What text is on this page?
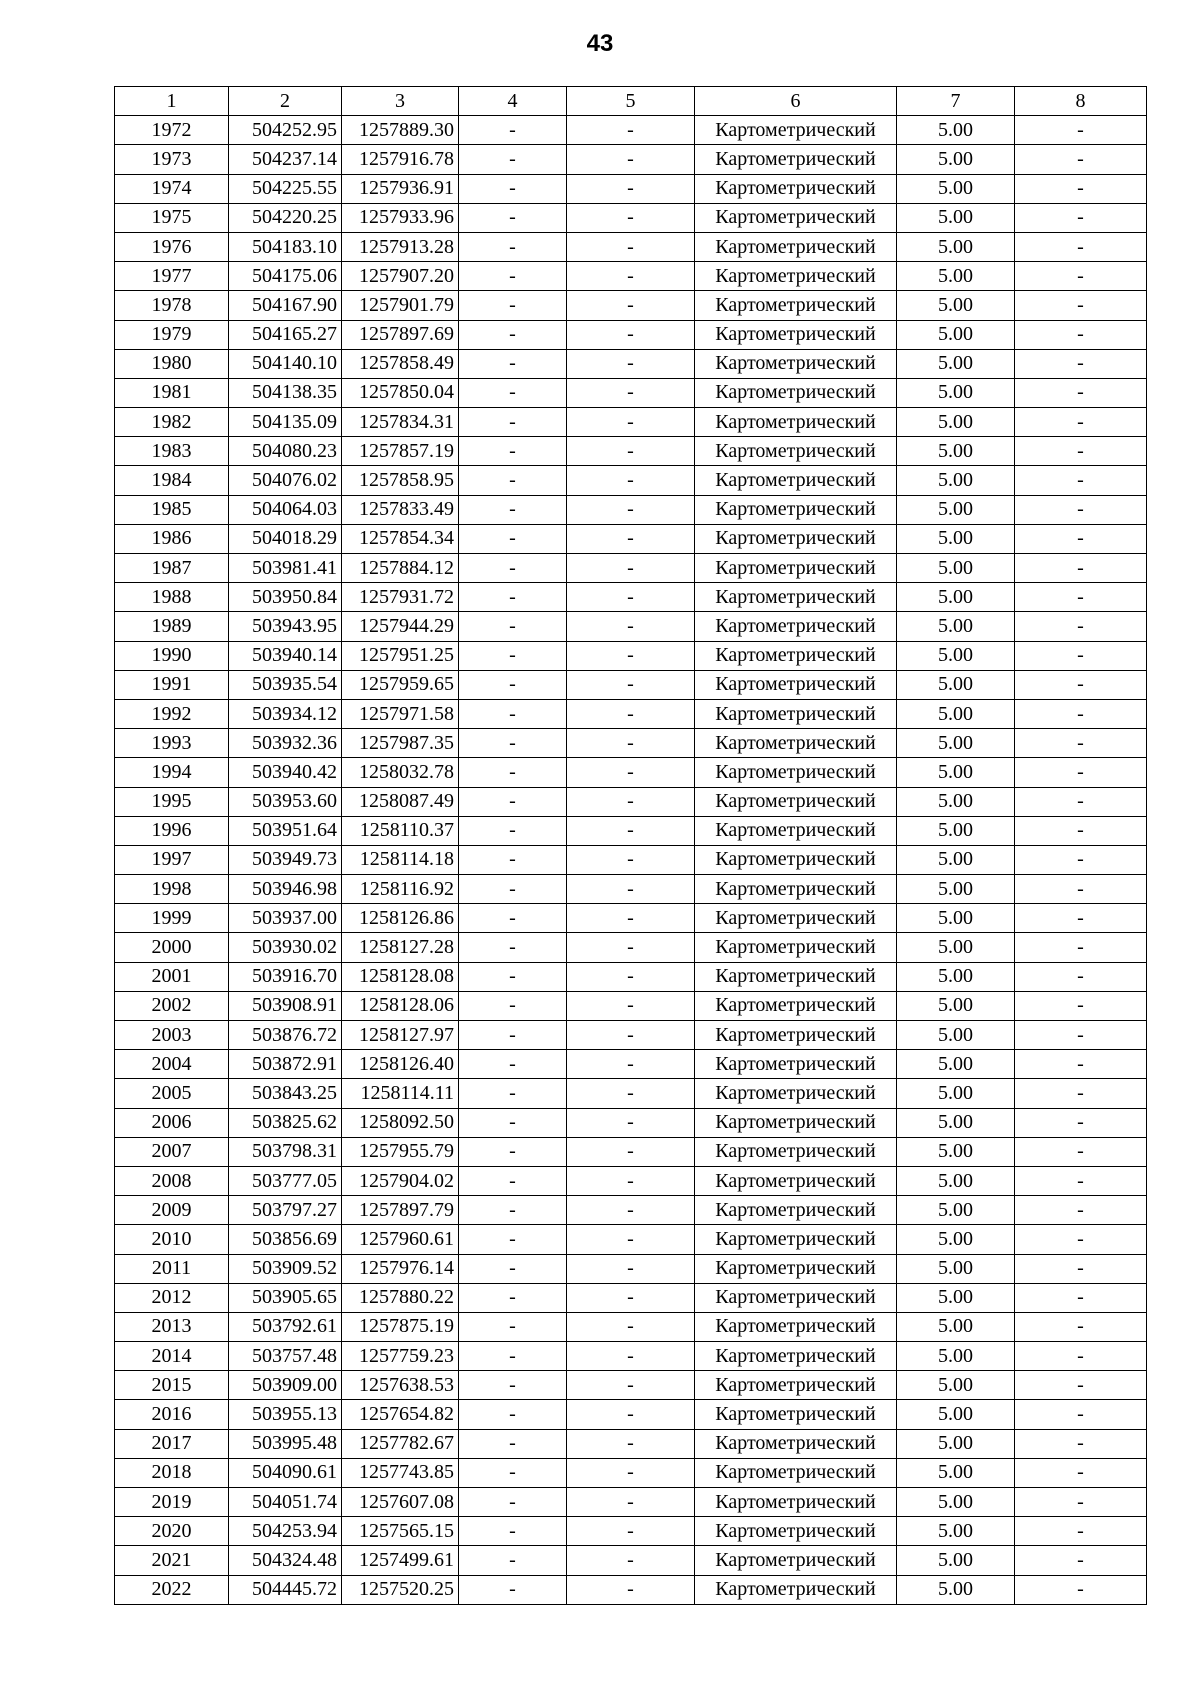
43
1	2	3	4	5	6	7	8
1972	504252.95	1257889.30	-	-	Картометрический	5.00	-
1973	504237.14	1257916.78	-	-	Картометрический	5.00	-
1974	504225.55	1257936.91	-	-	Картометрический	5.00	-
1975	504220.25	1257933.96	-	-	Картометрический	5.00	-
1976	504183.10	1257913.28	-	-	Картометрический	5.00	-
1977	504175.06	1257907.20	-	-	Картометрический	5.00	-
1978	504167.90	1257901.79	-	-	Картометрический	5.00	-
1979	504165.27	1257897.69	-	-	Картометрический	5.00	-
1980	504140.10	1257858.49	-	-	Картометрический	5.00	-
1981	504138.35	1257850.04	-	-	Картометрический	5.00	-
1982	504135.09	1257834.31	-	-	Картометрический	5.00	-
1983	504080.23	1257857.19	-	-	Картометрический	5.00	-
1984	504076.02	1257858.95	-	-	Картометрический	5.00	-
1985	504064.03	1257833.49	-	-	Картометрический	5.00	-
1986	504018.29	1257854.34	-	-	Картометрический	5.00	-
1987	503981.41	1257884.12	-	-	Картометрический	5.00	-
1988	503950.84	1257931.72	-	-	Картометрический	5.00	-
1989	503943.95	1257944.29	-	-	Картометрический	5.00	-
1990	503940.14	1257951.25	-	-	Картометрический	5.00	-
1991	503935.54	1257959.65	-	-	Картометрический	5.00	-
1992	503934.12	1257971.58	-	-	Картометрический	5.00	-
1993	503932.36	1257987.35	-	-	Картометрический	5.00	-
1994	503940.42	1258032.78	-	-	Картометрический	5.00	-
1995	503953.60	1258087.49	-	-	Картометрический	5.00	-
1996	503951.64	1258110.37	-	-	Картометрический	5.00	-
1997	503949.73	1258114.18	-	-	Картометрический	5.00	-
1998	503946.98	1258116.92	-	-	Картометрический	5.00	-
1999	503937.00	1258126.86	-	-	Картометрический	5.00	-
2000	503930.02	1258127.28	-	-	Картометрический	5.00	-
2001	503916.70	1258128.08	-	-	Картометрический	5.00	-
2002	503908.91	1258128.06	-	-	Картометрический	5.00	-
2003	503876.72	1258127.97	-	-	Картометрический	5.00	-
2004	503872.91	1258126.40	-	-	Картометрический	5.00	-
2005	503843.25	1258114.11	-	-	Картометрический	5.00	-
2006	503825.62	1258092.50	-	-	Картометрический	5.00	-
2007	503798.31	1257955.79	-	-	Картометрический	5.00	-
2008	503777.05	1257904.02	-	-	Картометрический	5.00	-
2009	503797.27	1257897.79	-	-	Картометрический	5.00	-
2010	503856.69	1257960.61	-	-	Картометрический	5.00	-
2011	503909.52	1257976.14	-	-	Картометрический	5.00	-
2012	503905.65	1257880.22	-	-	Картометрический	5.00	-
2013	503792.61	1257875.19	-	-	Картометрический	5.00	-
2014	503757.48	1257759.23	-	-	Картометрический	5.00	-
2015	503909.00	1257638.53	-	-	Картометрический	5.00	-
2016	503955.13	1257654.82	-	-	Картометрический	5.00	-
2017	503995.48	1257782.67	-	-	Картометрический	5.00	-
2018	504090.61	1257743.85	-	-	Картометрический	5.00	-
2019	504051.74	1257607.08	-	-	Картометрический	5.00	-
2020	504253.94	1257565.15	-	-	Картометрический	5.00	-
2021	504324.48	1257499.61	-	-	Картометрический	5.00	-
2022	504445.72	1257520.25	-	-	Картометрический	5.00	-
